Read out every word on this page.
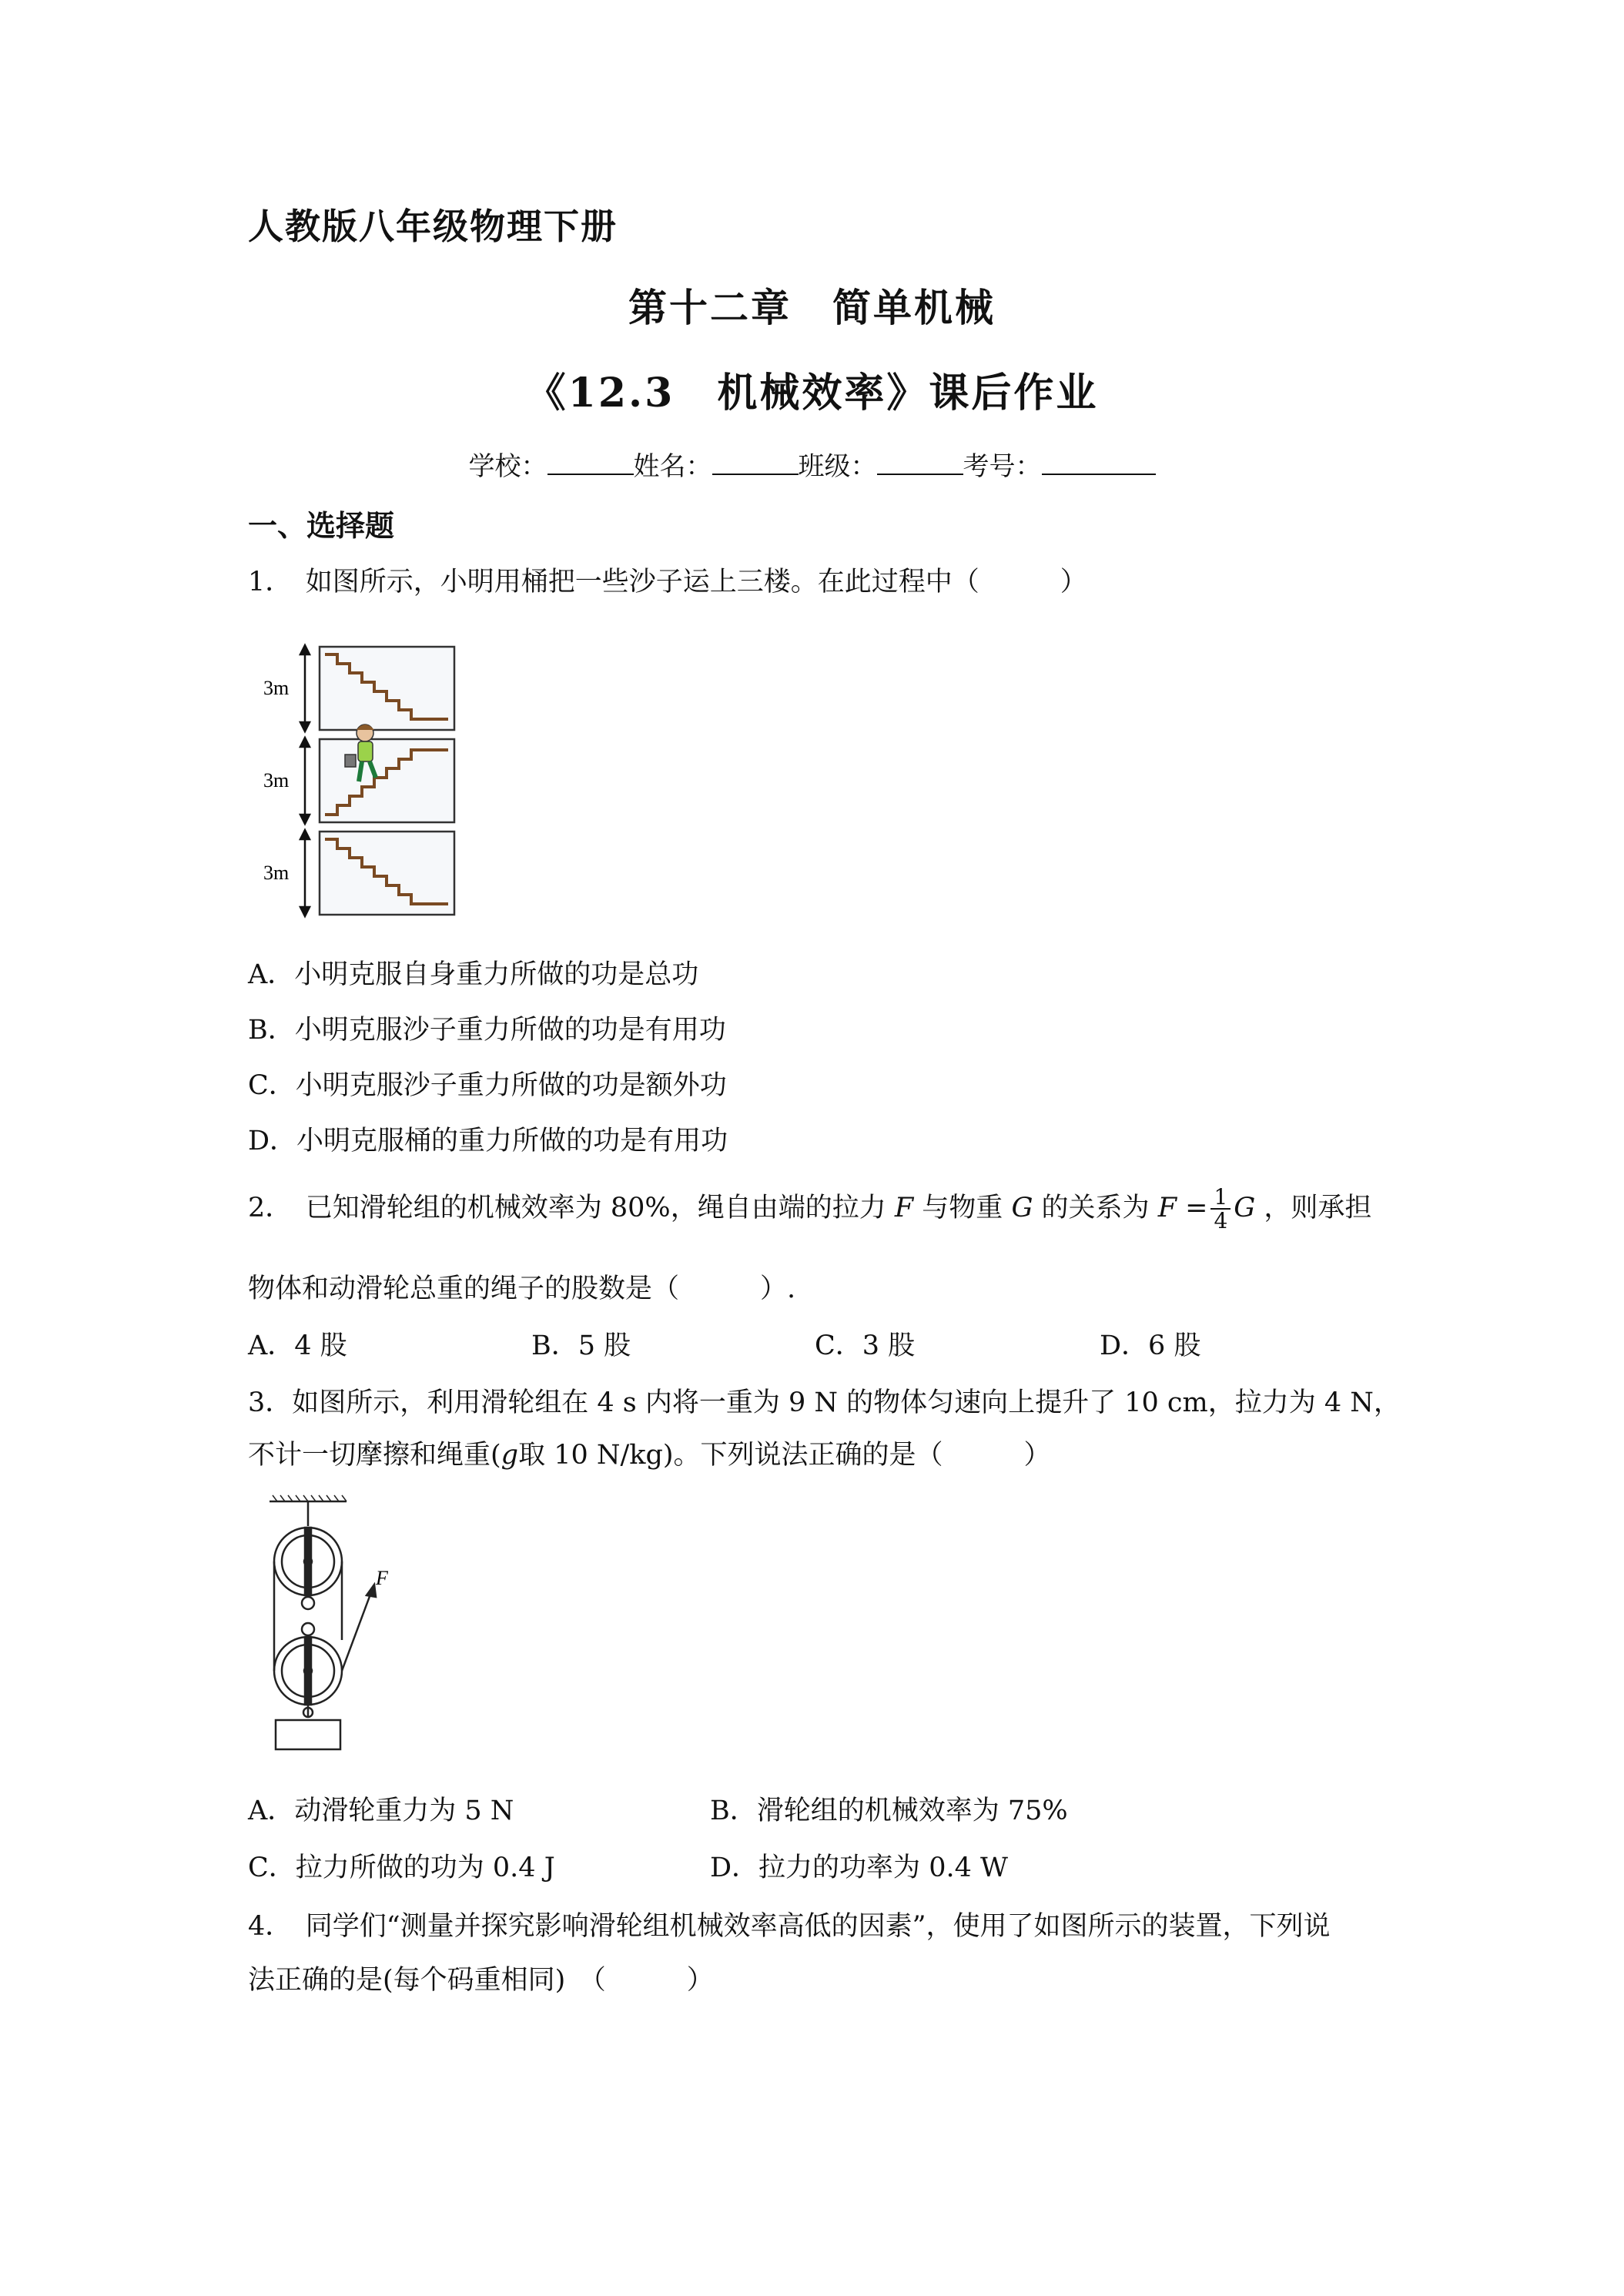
人教版八年级物理下册
第十二章　简单机械
《12.3　机械效率》课后作业
学校：	姓名：	班级：	考号：
一、选择题
1．　如图所示，小明用桶把一些沙子运上三楼。在此过程中（　　　）
3m
3m
3m
A．小明克服自身重力所做的功是总功
B．小明克服沙子重力所做的功是有用功
C．小明克服沙子重力所做的功是额外功
D．小明克服桶的重力所做的功是有用功
2．　已知滑轮组的机械效率为 80%，绳自由端的拉力 F 与物重 G 的关系为 $F = \frac{1}{4}$ G ，则承担
物体和动滑轮总重的绳子的股数是（　　　）.
A．4 股	B．5 股	C．3 股	D．6 股
3．如图所示，利用滑轮组在 4 s 内将一重为 9 N 的物体匀速向上提升了 10 cm，拉力为 4 N，
不计一切摩擦和绳重(g取 10 N/kg)。下列说法正确的是（　　　）
F
A．动滑轮重力为 5 N	B．滑轮组的机械效率为 75%
C．拉力所做的功为 0.4 J	D．拉力的功率为 0.4 W
4．　同学们“测量并探究影响滑轮组机械效率高低的因素”，使用了如图所示的装置，下列说
法正确的是(每个码重相同)　（　　　）
